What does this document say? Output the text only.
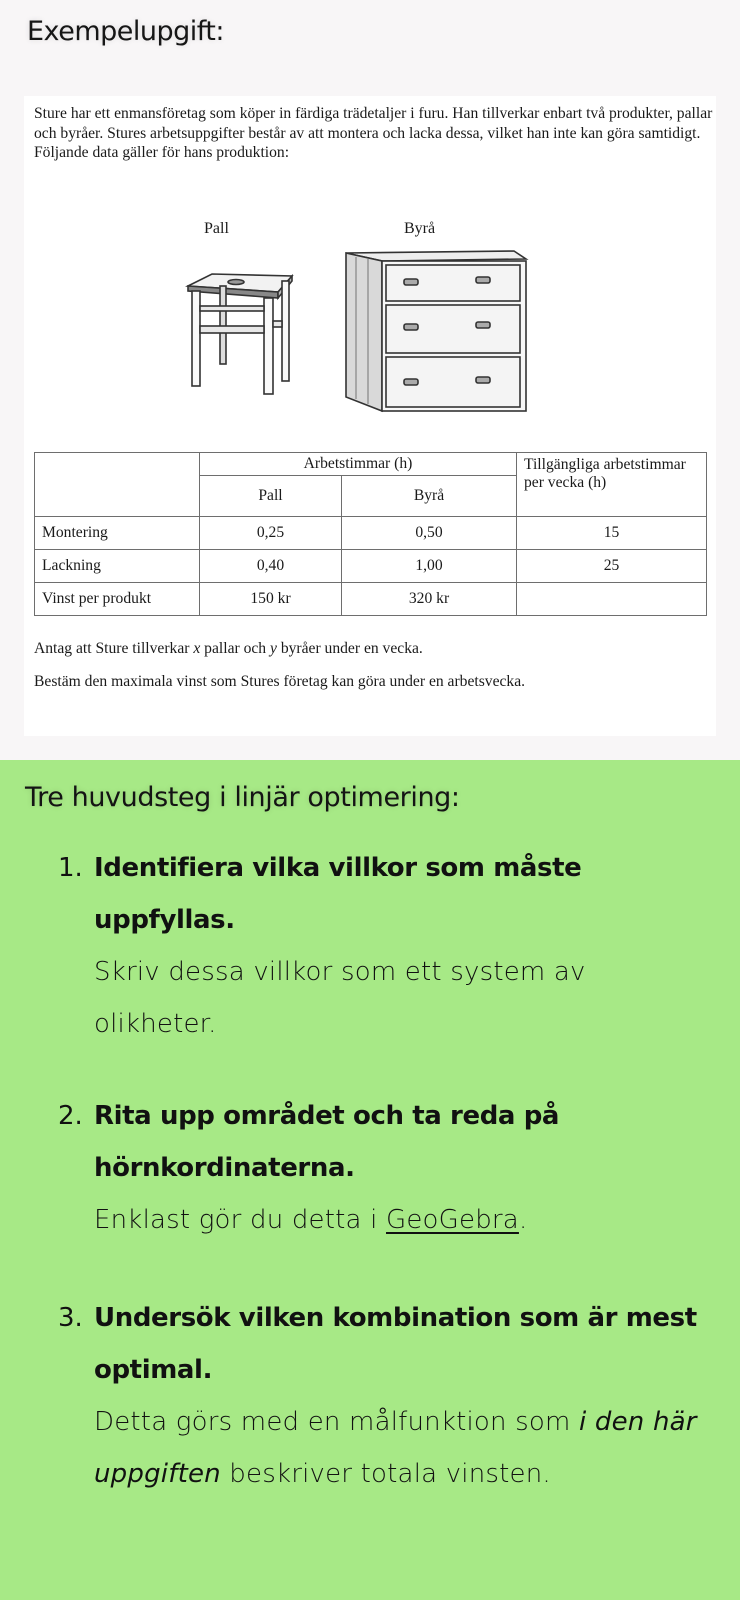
Exempelupgift:
Sture har ett enmansföretag som köper in färdiga trädetaljer i furu. Han tillverkar enbart två produkter, pallar och byråer. Stures arbetsuppgifter består av att montera och lacka dessa, vilket han inte kan göra samtidigt. Följande data gäller för hans produktion:
Pall	Byrå
	Arbetstimmar (h)		Tillgängliga arbetstimmar per vecka (h)
	Pall	Byrå	
Montering	0,25	0,50	15
Lackning	0,40	1,00	25
Vinst per produkt	150 kr	320 kr	
Antag att Sture tillverkar x pallar och y byråer under en vecka.
Bestäm den maximala vinst som Stures företag kan göra under en arbetsvecka.
Tre huvudsteg i linjär optimering:
1. Identifiera vilka villkor som måste uppfyllas.
Skriv dessa villkor som ett system av olikheter.
2. Rita upp området och ta reda på hörnkordinaterna.
Enklast gör du detta i GeoGebra.
3. Undersök vilken kombination som är mest optimal.
Detta görs med en målfunktion som i den här uppgiften beskriver totala vinsten.
